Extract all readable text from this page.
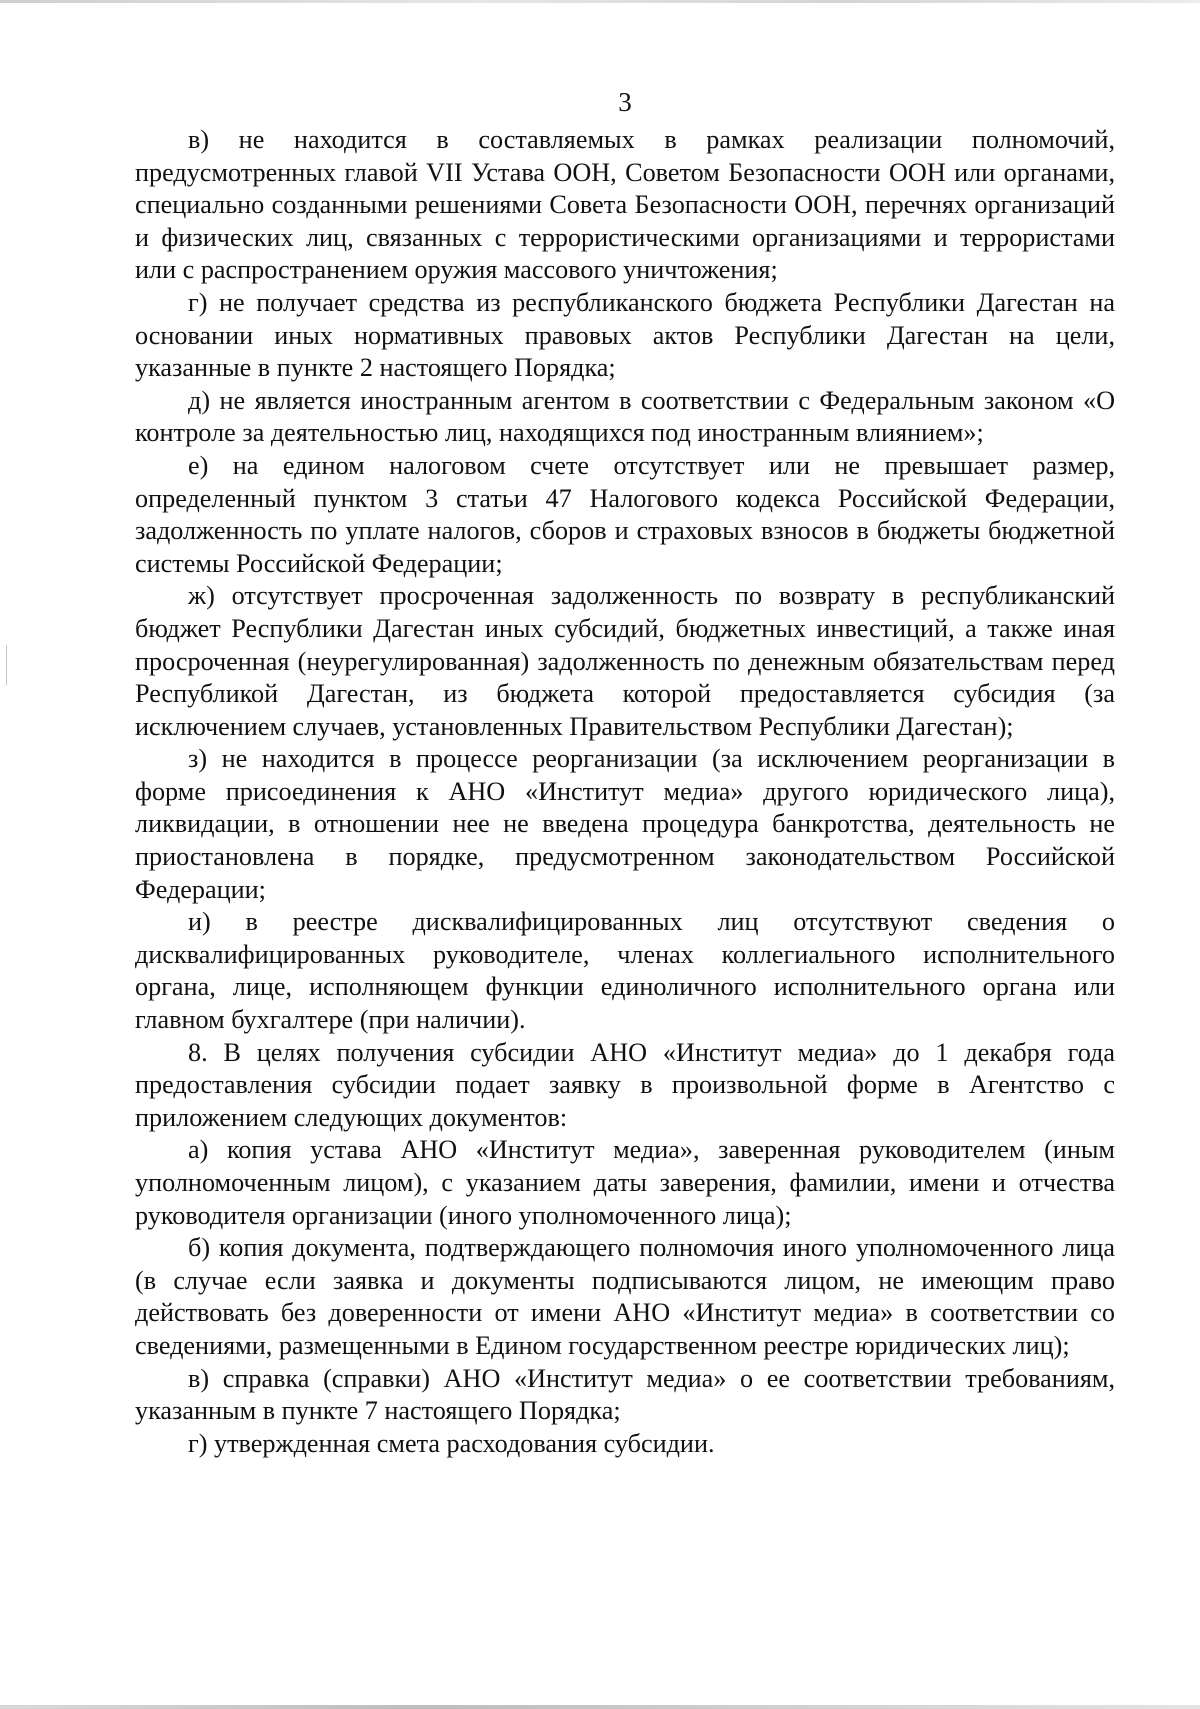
3

в) не находится в составляемых в рамках реализации полномочий, предусмотренных главой VII Устава ООН, Советом Безопасности ООН или органами, специально созданными решениями Совета Безопасности ООН, перечнях организаций и физических лиц, связанных с террористическими организациями и террористами или с распространением оружия массового уничтожения;

г) не получает средства из республиканского бюджета Республики Дагестан на основании иных нормативных правовых актов Республики Дагестан на цели, указанные в пункте 2 настоящего Порядка;

д) не является иностранным агентом в соответствии с Федеральным законом «О контроле за деятельностью лиц, находящихся под иностранным влиянием»;

е) на едином налоговом счете отсутствует или не превышает размер, определенный пунктом 3 статьи 47 Налогового кодекса Российской Федерации, задолженность по уплате налогов, сборов и страховых взносов в бюджеты бюджетной системы Российской Федерации;

ж) отсутствует просроченная задолженность по возврату в республиканский бюджет Республики Дагестан иных субсидий, бюджетных инвестиций, а также иная просроченная (неурегулированная) задолженность по денежным обязательствам перед Республикой Дагестан, из бюджета которой предоставляется субсидия (за исключением случаев, установленных Правительством Республики Дагестан);

з) не находится в процессе реорганизации (за исключением реорганизации в форме присоединения к АНО «Институт медиа» другого юридического лица), ликвидации, в отношении нее не введена процедура банкротства, деятельность не приостановлена в порядке, предусмотренном законодательством Российской Федерации;

и) в реестре дисквалифицированных лиц отсутствуют сведения о дисквалифицированных руководителе, членах коллегиального исполнительного органа, лице, исполняющем функции единоличного исполнительного органа или главном бухгалтере (при наличии).

8. В целях получения субсидии АНО «Институт медиа» до 1 декабря года предоставления субсидии подает заявку в произвольной форме в Агентство с приложением следующих документов:

а) копия устава АНО «Институт медиа», заверенная руководителем (иным уполномоченным лицом), с указанием даты заверения, фамилии, имени и отчества руководителя организации (иного уполномоченного лица);

б) копия документа, подтверждающего полномочия иного уполномоченного лица (в случае если заявка и документы подписываются лицом, не имеющим право действовать без доверенности от имени АНО «Институт медиа» в соответствии со сведениями, размещенными в Едином государственном реестре юридических лиц);

в) справка (справки) АНО «Институт медиа» о ее соответствии требованиям, указанным в пункте 7 настоящего Порядка;

г) утвержденная смета расходования субсидии.
